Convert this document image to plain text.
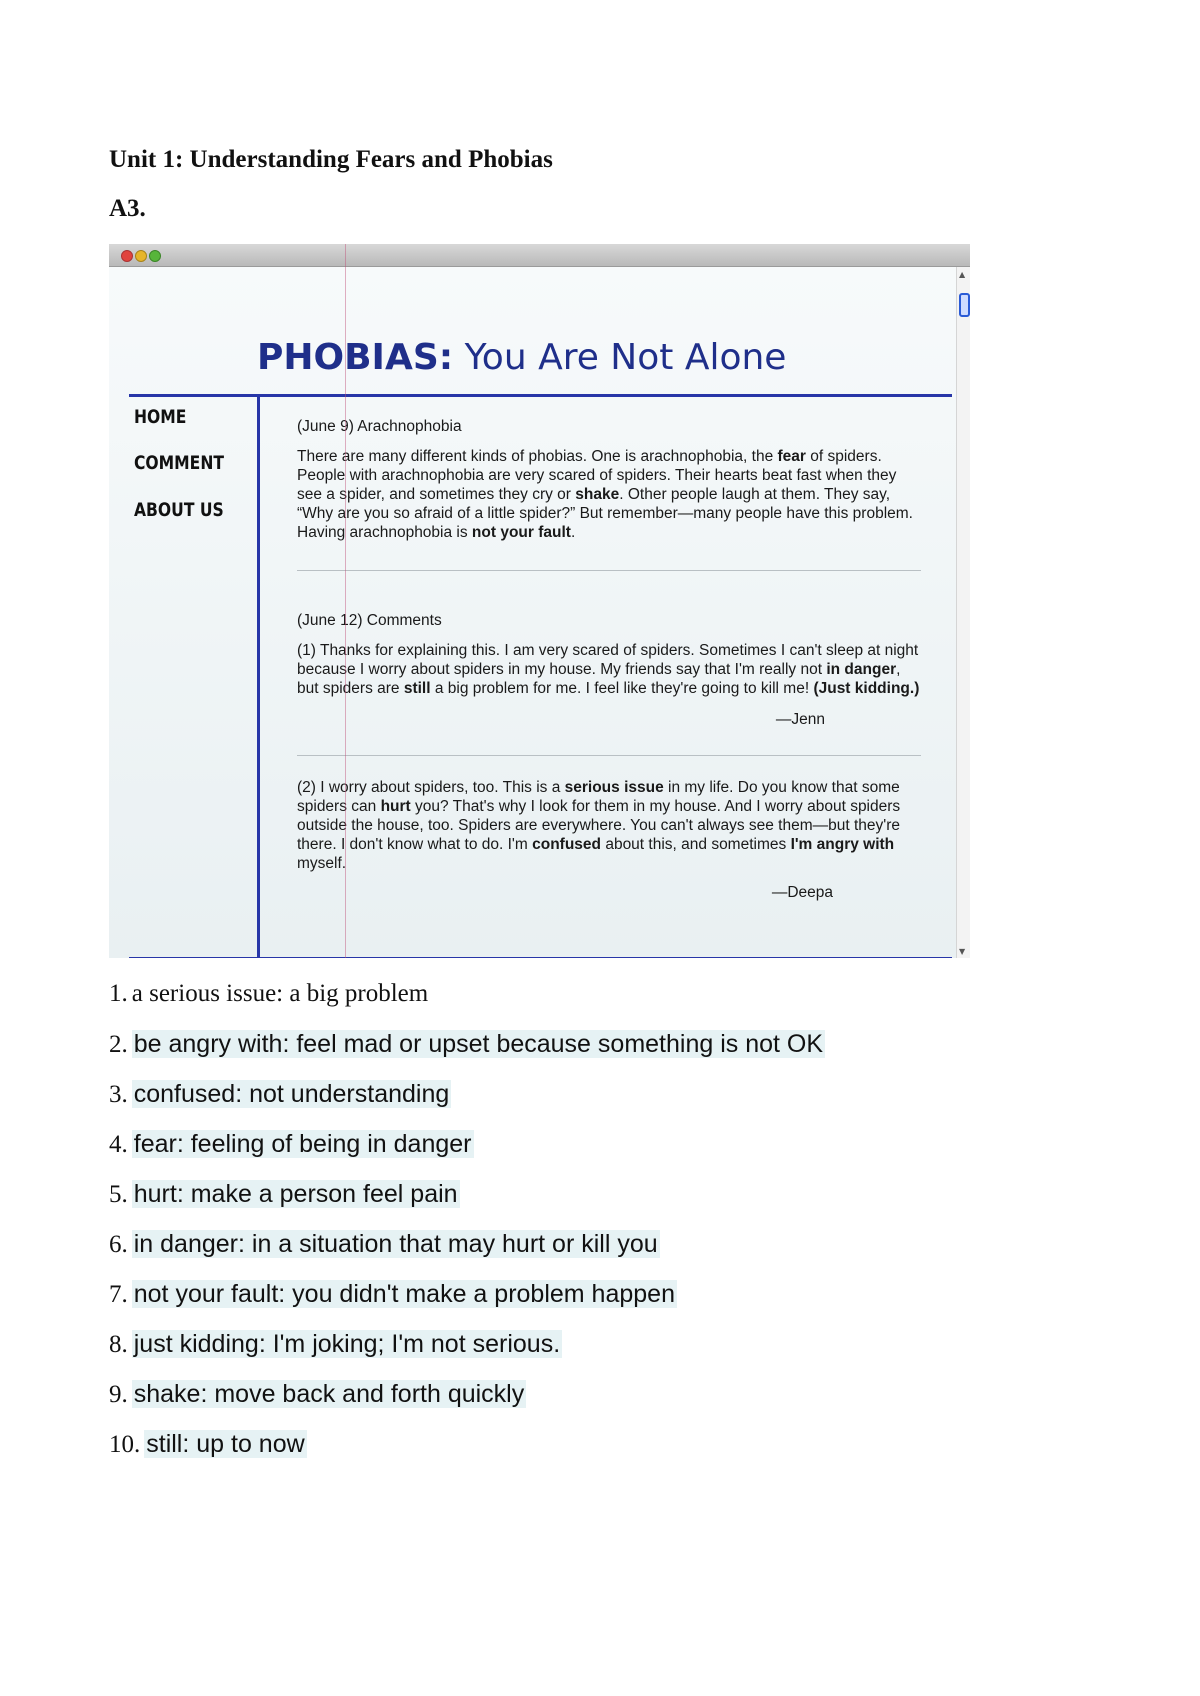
Unit 1: Understanding Fears and Phobias
A3.
PHOBIAS: You Are Not Alone
HOME
COMMENT
ABOUT US
(June 9) Arachnophobia
There are many different kinds of phobias. One is arachnophobia, the fear of spiders. People with arachnophobia are very scared of spiders. Their hearts beat fast when they see a spider, and sometimes they cry or shake. Other people laugh at them. They say, “Why are you so afraid of a little spider?” But remember—many people have this problem. Having arachnophobia is not your fault.
(June 12) Comments
(1) Thanks for explaining this. I am very scared of spiders. Sometimes I can't sleep at night because I worry about spiders in my house. My friends say that I'm really not in danger, but spiders are still a big problem for me. I feel like they're going to kill me! (Just kidding.)
—Jenn
(2) I worry about spiders, too. This is a serious issue in my life. Do you know that some spiders can hurt you? That's why I look for them in my house. And I worry about spiders outside the house, too. Spiders are everywhere. You can't always see them—but they're there. I don't know what to do. I'm confused about this, and sometimes I'm angry with myself.
—Deepa
▲
▼
1. a serious issue: a big problem
2. be angry with: feel mad or upset because something is not OK
3. confused: not understanding
4. fear: feeling of being in danger
5. hurt: make a person feel pain
6. in danger: in a situation that may hurt or kill you
7. not your fault: you didn't make a problem happen
8. just kidding: I'm joking; I'm not serious.
9. shake: move back and forth quickly
10. still: up to now
